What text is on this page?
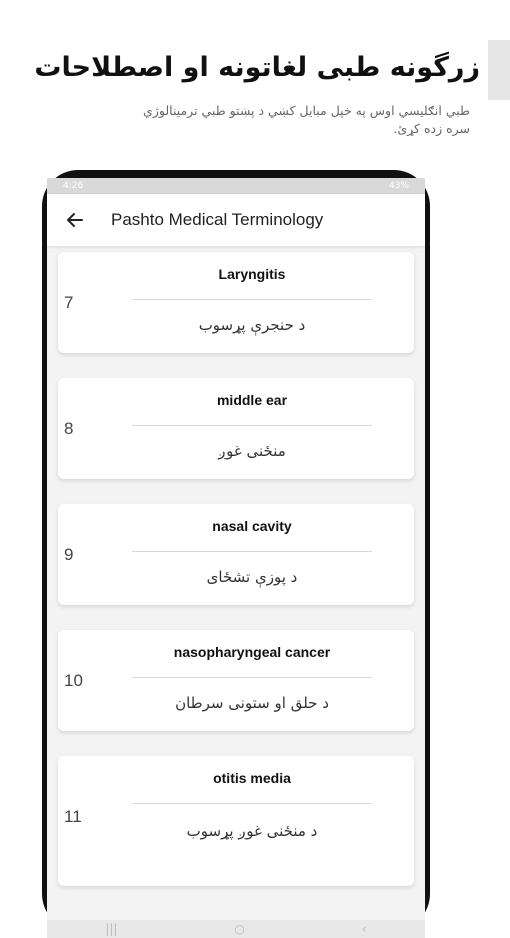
زرگونه طبی لغاتونه او اصطلاحات
طبي انګليسي اوس په خپل مبایل کښي د پښتو طبي ترمینالوژي سره زده کړئ.
4:26	43%
Pashto Medical Terminology
7
Laryngitis
د حنجرې پړسوب
8
middle ear
منځنی غوږ
9
nasal cavity
د پوزې تشځای
10
nasopharyngeal cancer
د حلق او ستونی سرطان
11
otitis media
د منځنی غوږ پړسوب
|||	○	‹
